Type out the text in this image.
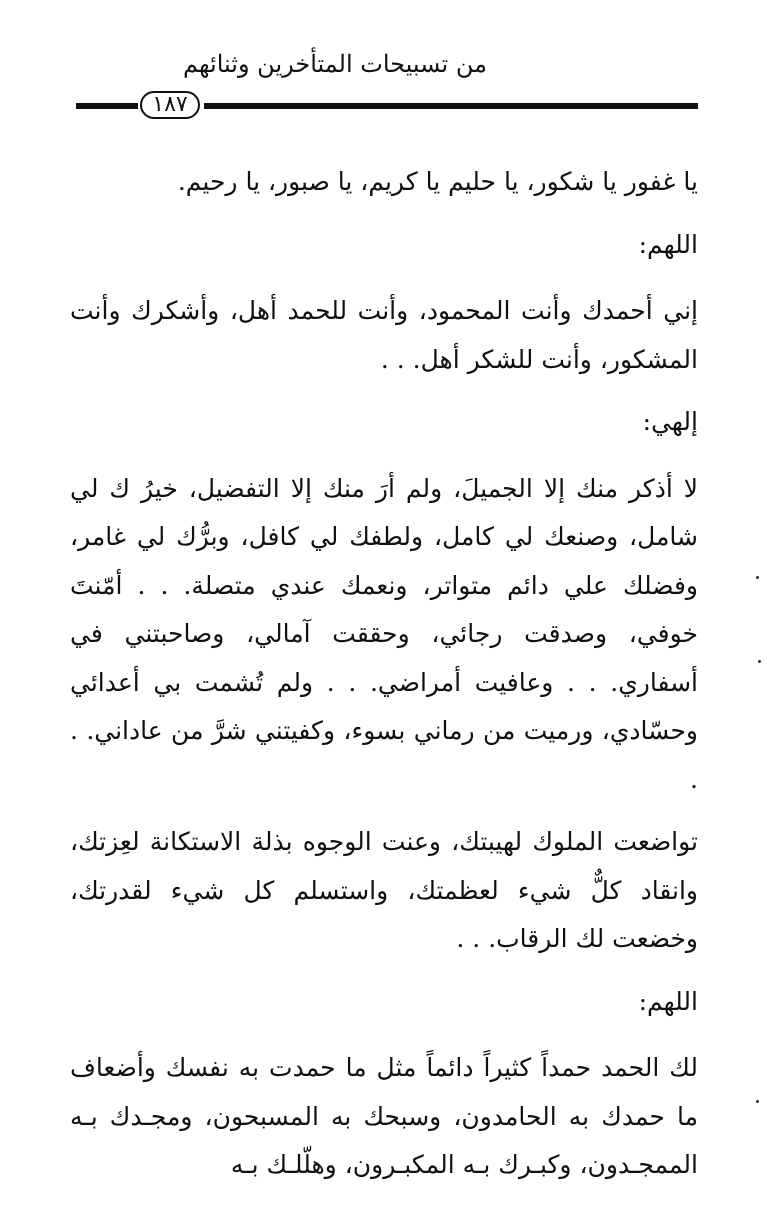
من تسبيحات المتأخرين وثنائهم
١٨٧

يا غفور يا شكور، يا حليم يا كريم، يا صبور، يا رحيم.

اللهم:

إني أحمدك وأنت المحمود، وأنت للحمد أهل، وأشكرك وأنت المشكور، وأنت للشكر أهل. . .

إلهي:

لا أذكر منك إلا الجميلَ، ولم أرَ منك إلا التفضيل، خيرُ ك لي شامل، وصنعك لي كامل، ولطفك لي كافل، وبرُّك لي غامر، وفضلك علي دائم متواتر، ونعمك عندي متصلة. . . أمّنتَ خوفي، وصدقت رجائي، وحققت آمالي، وصاحبتني في أسفاري. . . وعافيت أمراضي. . . ولم تُشمت بي أعدائي وحسّادي، ورميت من رماني بسوء، وكفيتني شرَّ من عاداني. . .

تواضعت الملوك لهيبتك، وعنت الوجوه بذلة الاستكانة لعِزتك، وانقاد كلٌّ شيء لعظمتك، واستسلم كل شيء لقدرتك، وخضعت لك الرقاب. . .

اللهم:

لك الحمد حمداً كثيراً دائماً مثل ما حمدت به نفسك وأضعاف ما حمدك به الحامدون، وسبحك به المسبحون، ومجـدك بـه الممجـدون، وكبـرك بـه المكبـرون، وهلّلـك بـه
